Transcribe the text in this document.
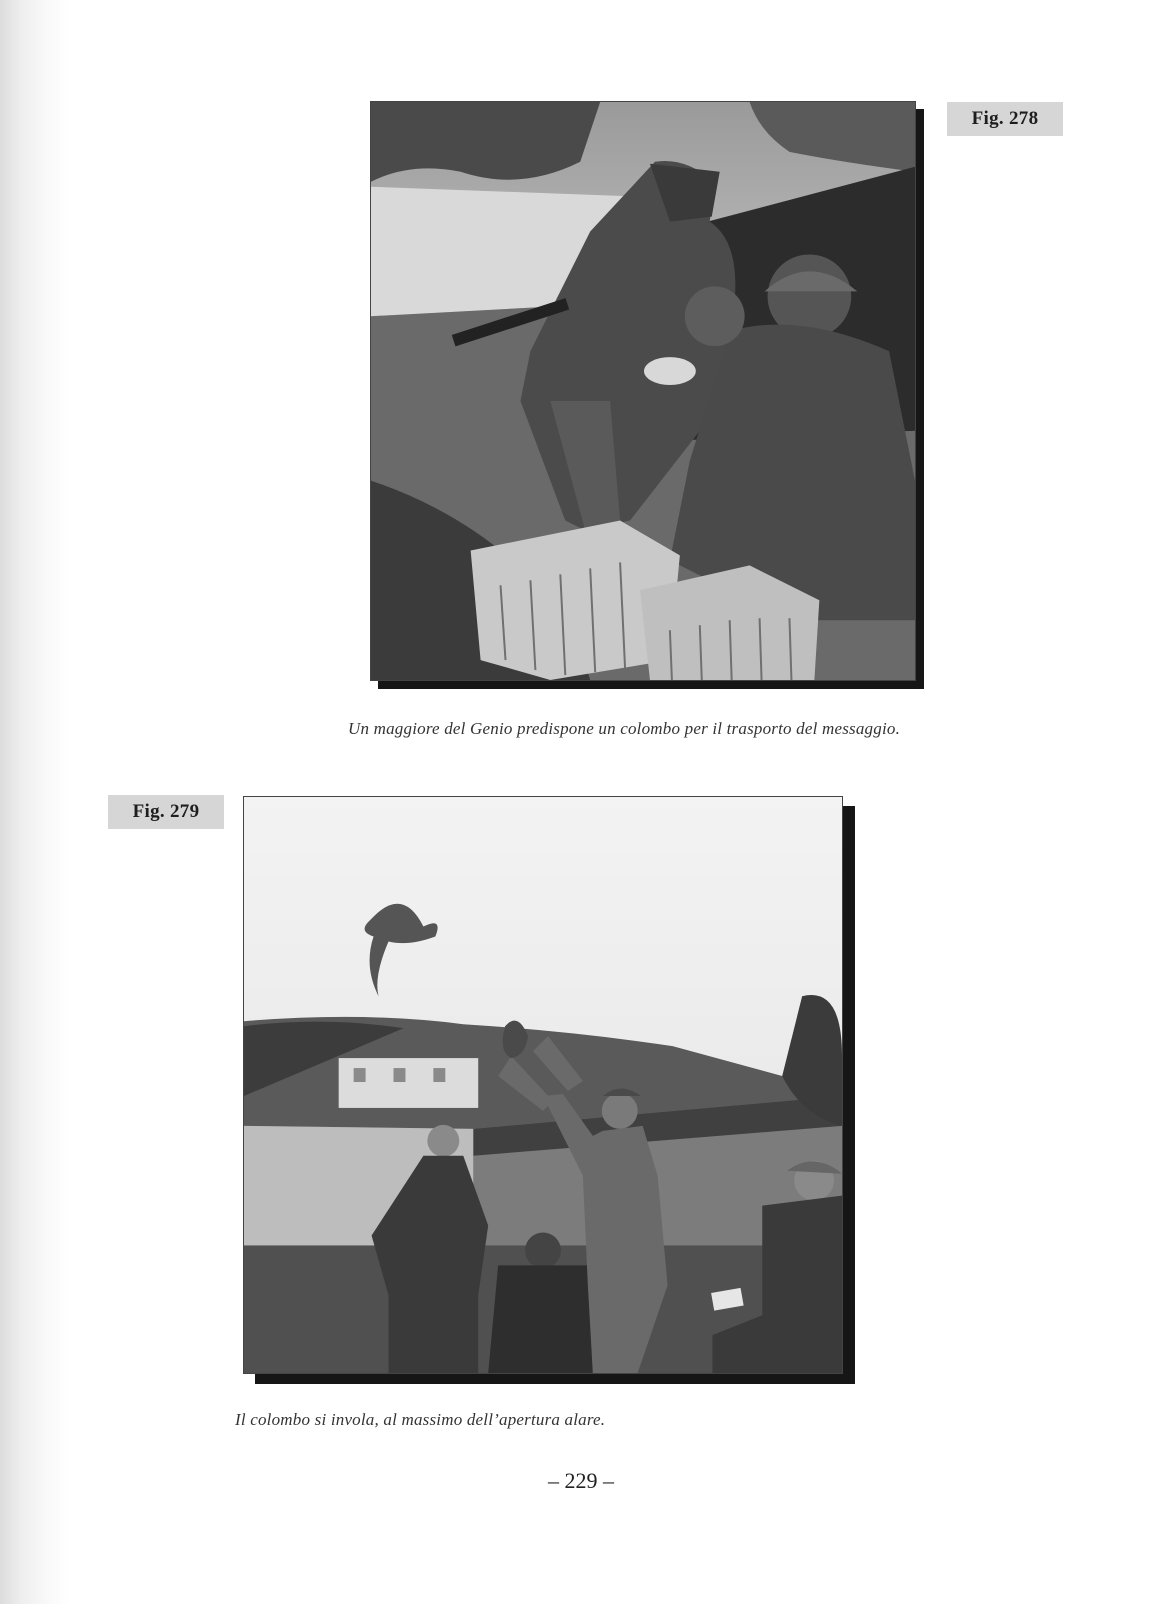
Fig. 278
Un maggiore del Genio predispone un colombo per il trasporto del messaggio.
Fig. 279
Il colombo si invola, al massimo dell’apertura alare.
– 229 –
